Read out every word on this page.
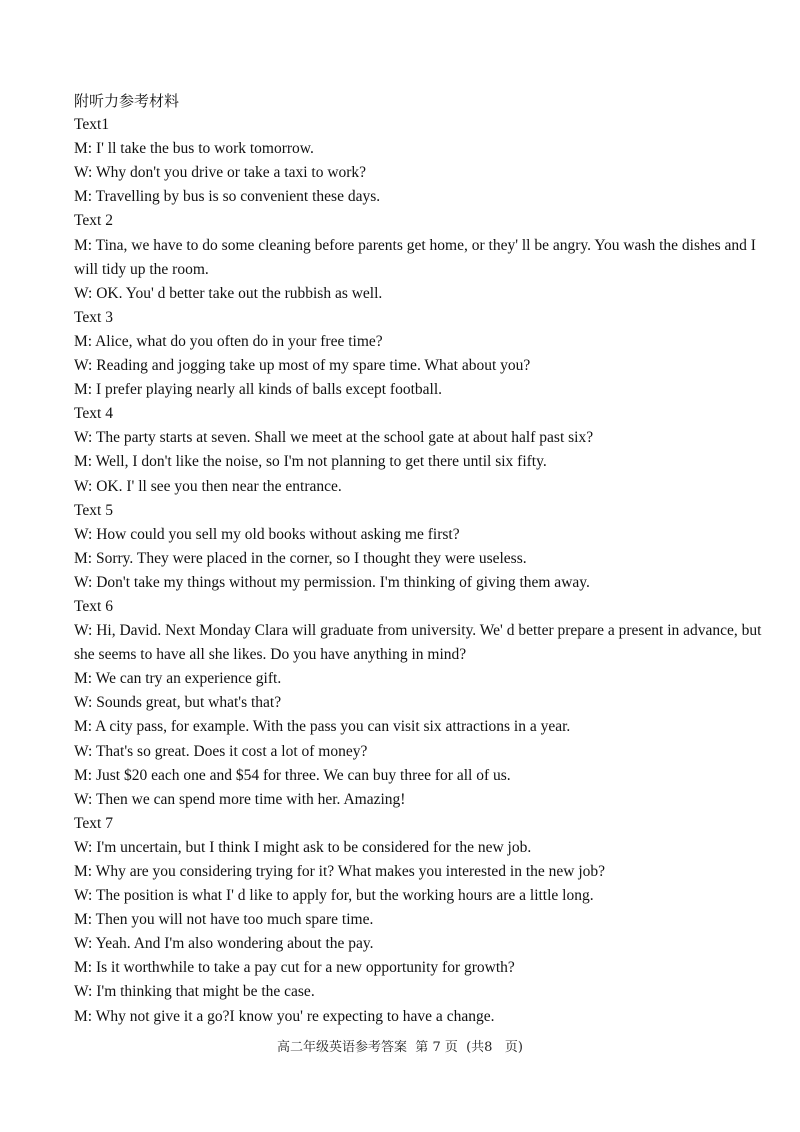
附听力参考材料
Text1
M: I' ll take the bus to work tomorrow.
W: Why don't you drive or take a taxi to work?
M: Travelling by bus is so convenient these days.
Text 2
M: Tina, we have to do some cleaning before parents get home, or they' ll be angry. You wash the dishes and I will tidy up the room.
W: OK. You' d better take out the rubbish as well.
Text 3
M: Alice, what do you often do in your free time?
W: Reading and jogging take up most of my spare time. What about you?
M: I prefer playing nearly all kinds of balls except football.
Text 4
W: The party starts at seven. Shall we meet at the school gate at about half past six?
M: Well, I don't like the noise, so I'm not planning to get there until six fifty.
W: OK. I' ll see you then near the entrance.
Text 5
W: How could you sell my old books without asking me first?
M: Sorry. They were placed in the corner, so I thought they were useless.
W: Don't take my things without my permission. I'm thinking of giving them away.
Text 6
W: Hi, David. Next Monday Clara will graduate from university. We' d better prepare a present in advance, but she seems to have all she likes. Do you have anything in mind?
M: We can try an experience gift.
W: Sounds great, but what's that?
M: A city pass, for example. With the pass you can visit six attractions in a year.
W: That's so great. Does it cost a lot of money?
M: Just $20 each one and $54 for three. We can buy three for all of us.
W: Then we can spend more time with her. Amazing!
Text 7
W: I'm uncertain, but I think I might ask to be considered for the new job.
M: Why are you considering trying for it? What makes you interested in the new job?
W: The position is what I' d like to apply for, but the working hours are a little long.
M: Then you will not have too much spare time.
W: Yeah. And I'm also wondering about the pay.
M: Is it worthwhile to take a pay cut for a new opportunity for growth?
W: I'm thinking that might be the case.
M: Why not give it a go?I know you' re expecting to have a change.
高二年级英语参考答案  第 7 页  (共8   页)
